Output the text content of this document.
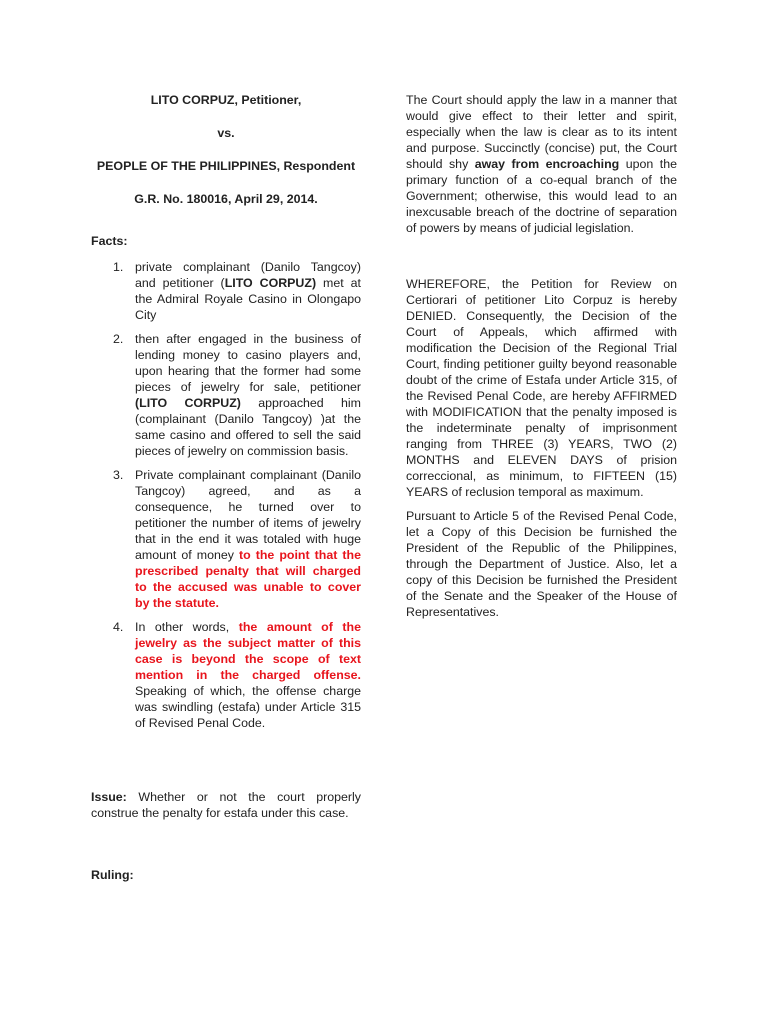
LITO CORPUZ, Petitioner,
vs.
PEOPLE OF THE PHILIPPINES, Respondent
G.R. No. 180016, April 29, 2014.
Facts:
1. private complainant (Danilo Tangcoy) and petitioner (LITO CORPUZ) met at the Admiral Royale Casino in Olongapo City
2. then after engaged in the business of lending money to casino players and, upon hearing that the former had some pieces of jewelry for sale, petitioner (LITO CORPUZ) approached him (complainant (Danilo Tangcoy) )at the same casino and offered to sell the said pieces of jewelry on commission basis.
3. Private complainant complainant (Danilo Tangcoy) agreed, and as a consequence, he turned over to petitioner the number of items of jewelry that in the end it was totaled with huge amount of money to the point that the prescribed penalty that will charged to the accused was unable to cover by the statute.
4. In other words, the amount of the jewelry as the subject matter of this case is beyond the scope of text mention in the charged offense. Speaking of which, the offense charge was swindling (estafa) under Article 315 of Revised Penal Code.

Issue: Whether or not the court properly construe the penalty for estafa under this case.

Ruling:

The Court should apply the law in a manner that would give effect to their letter and spirit, especially when the law is clear as to its intent and purpose. Succinctly (concise) put, the Court should shy away from encroaching upon the primary function of a co-equal branch of the Government; otherwise, this would lead to an inexcusable breach of the doctrine of separation of powers by means of judicial legislation.

WHEREFORE, the Petition for Review on Certiorari of petitioner Lito Corpuz is hereby DENIED. Consequently, the Decision of the Court of Appeals, which affirmed with modification the Decision of the Regional Trial Court, finding petitioner guilty beyond reasonable doubt of the crime of Estafa under Article 315, of the Revised Penal Code, are hereby AFFIRMED with MODIFICATION that the penalty imposed is the indeterminate penalty of imprisonment ranging from THREE (3) YEARS, TWO (2) MONTHS and ELEVEN DAYS of prision correccional, as minimum, to FIFTEEN (15) YEARS of reclusion temporal as maximum.

Pursuant to Article 5 of the Revised Penal Code, let a Copy of this Decision be furnished the President of the Republic of the Philippines, through the Department of Justice. Also, let a copy of this Decision be furnished the President of the Senate and the Speaker of the House of Representatives.
